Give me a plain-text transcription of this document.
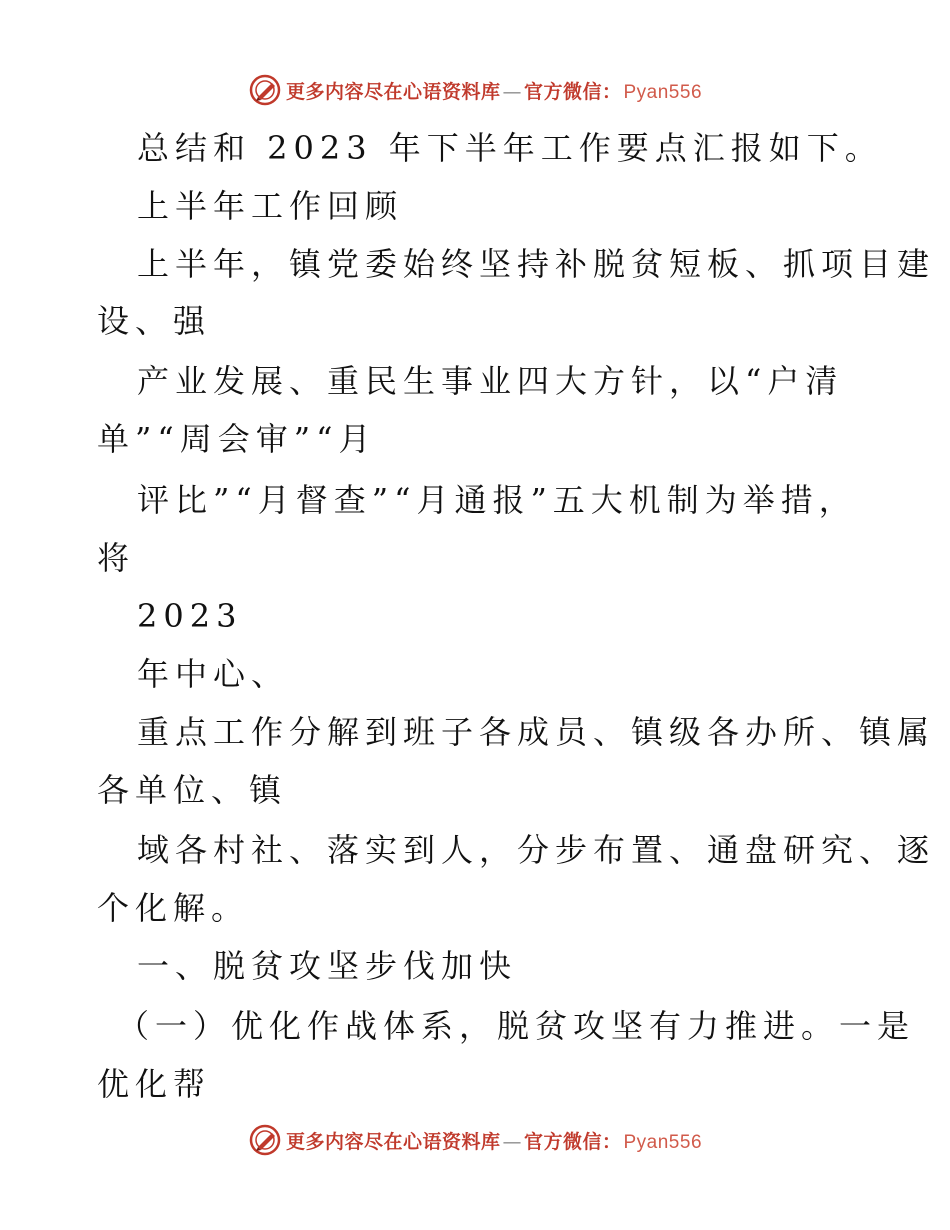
更多内容尽在心语资料库 — 官方微信： Pyan556
总结和 2023 年下半年工作要点汇报如下。
上半年工作回顾
上半年，镇党委始终坚持补脱贫短板、抓项目建
设、强
产业发展、重民生事业四大方针，以“户清
单”“周会审”“月
评比”“月督查”“月通报”五大机制为举措，
将
2023
年中心、
重点工作分解到班子各成员、镇级各办所、镇属
各单位、镇
域各村社、落实到人，分步布置、通盘研究、逐
个化解。
一、脱贫攻坚步伐加快
（一）优化作战体系，脱贫攻坚有力推进。一是
优化帮
更多内容尽在心语资料库 — 官方微信： Pyan556
